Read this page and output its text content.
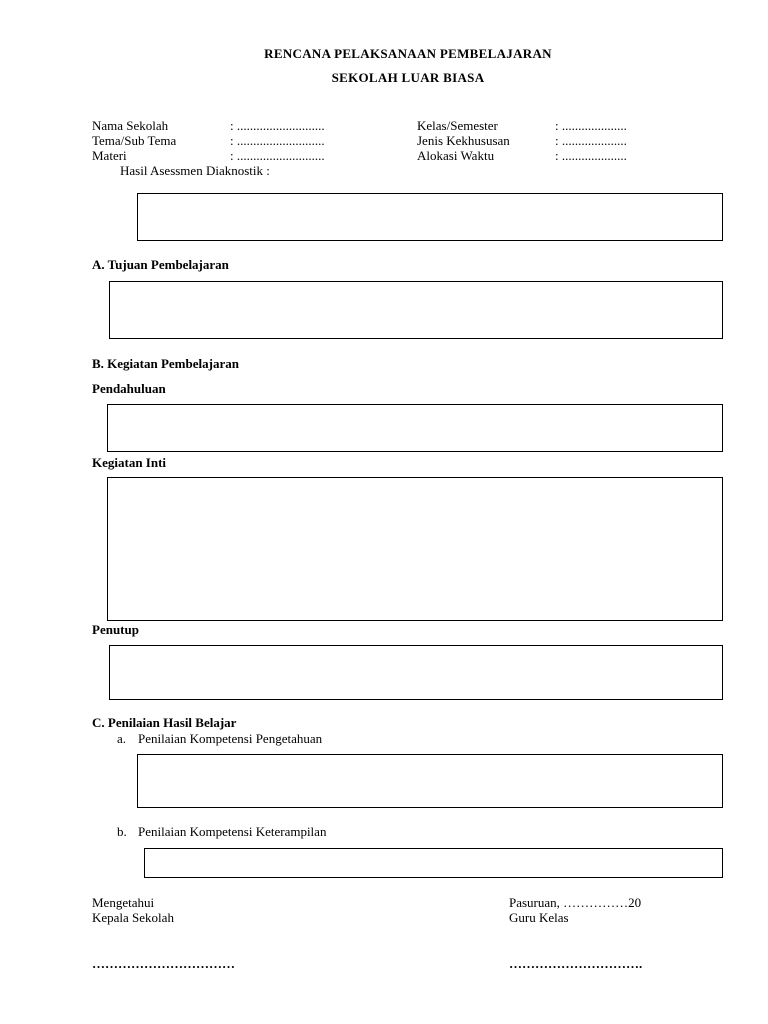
RENCANA PELAKSANAAN PEMBELAJARAN
SEKOLAH LUAR BIASA
Nama Sekolah	: ...........................
Tema/Sub Tema	: ...........................
Materi	: ...........................
Kelas/Semester	: ....................
Jenis Kekhususan	: ....................
Alokasi Waktu	: ....................
Hasil Asessmen Diaknostik :
A. Tujuan Pembelajaran
B. Kegiatan Pembelajaran
Pendahuluan
Kegiatan Inti
Penutup
C. Penilaian Hasil Belajar
a. Penilaian Kompetensi Pengetahuan
b. Penilaian Kompetensi Keterampilan
Mengetahui
Kepala Sekolah
……………………………
Pasuruan, ……………20
Guru Kelas
………………………….
